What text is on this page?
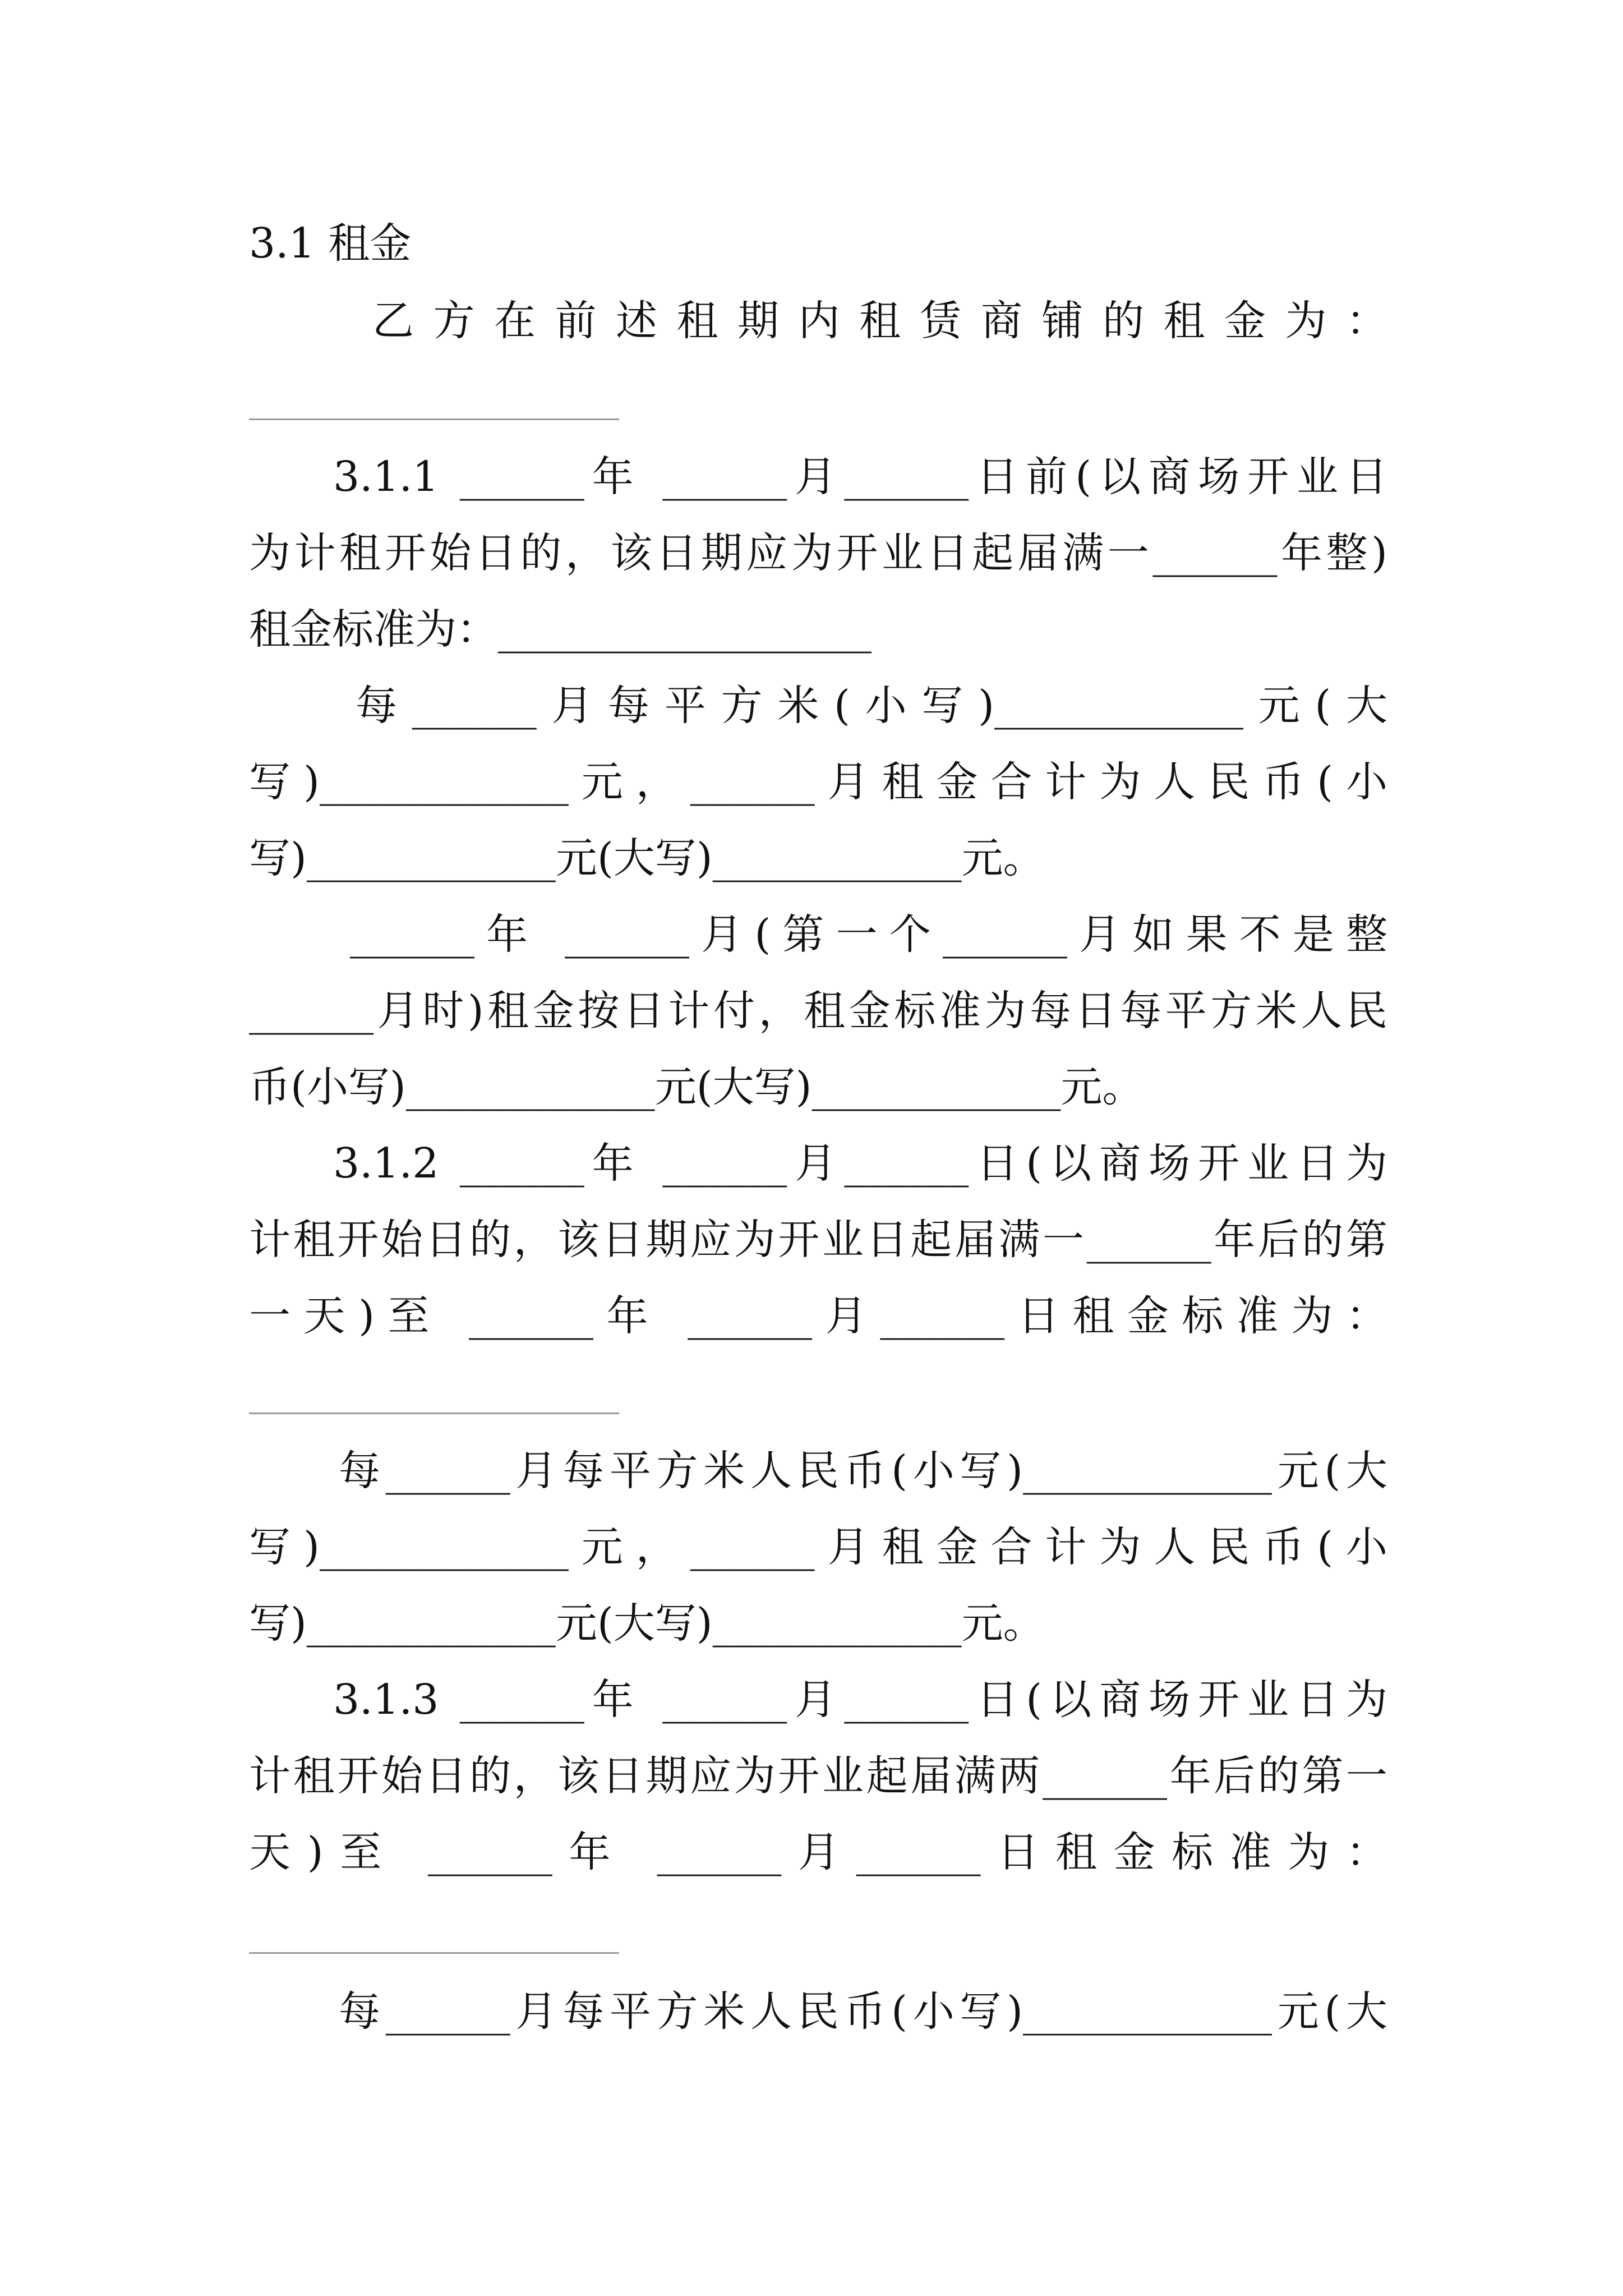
3.1 租金
乙方在前述租期内租赁商铺的租金为：
3.1.1 ______年 ______月______日前(以商场开业日
为计租开始日的，该日期应为开业日起届满一______年整)
租金标准为：__________________
每______月每平方米(小写)____________元(大
写)____________元，______月租金合计为人民币(小
写)____________元(大写)____________元。
______年 ______月(第一个______月如果不是整
______月时)租金按日计付，租金标准为每日每平方米人民
币(小写)____________元(大写)____________元。
3.1.2 ______年 ______月______日(以商场开业日为
计租开始日的，该日期应为开业日起届满一______年后的第
一天)至 ______年 ______月______日租金标准为：
每______月每平方米人民币(小写)____________元(大
写)____________元，______月租金合计为人民币(小
写)____________元(大写)____________元。
3.1.3 ______年 ______月______日(以商场开业日为
计租开始日的，该日期应为开业起届满两______年后的第一
天)至 ______年 ______月______日租金标准为：
每______月每平方米人民币(小写)____________元(大
